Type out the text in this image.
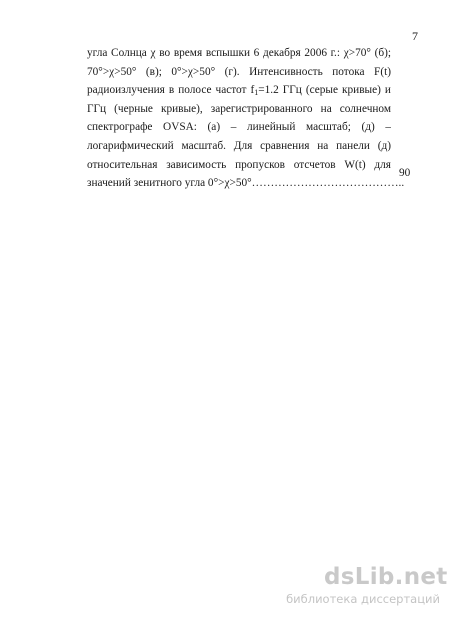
7
угла Солнца χ во время вспышки 6 декабря 2006 г.: χ>70° (б);
70°>χ>50° (в); 0°>χ>50° (г). Интенсивность потока F(t)
радиоизлучения в полосе частот $f_1=1.2$ ГГц (серые кривые) и
ГГц (черные кривые), зарегистрированного на солнечном
спектрографе OVSA: (а) – линейный масштаб; (д) –
логарифмический масштаб. Для сравнения на панели (д)
относительная зависимость пропусков отсчетов W(t) для
значений зенитного угла 0°>χ>50°…………………………………..
90
dsLib.net
библиотека диссертаций
